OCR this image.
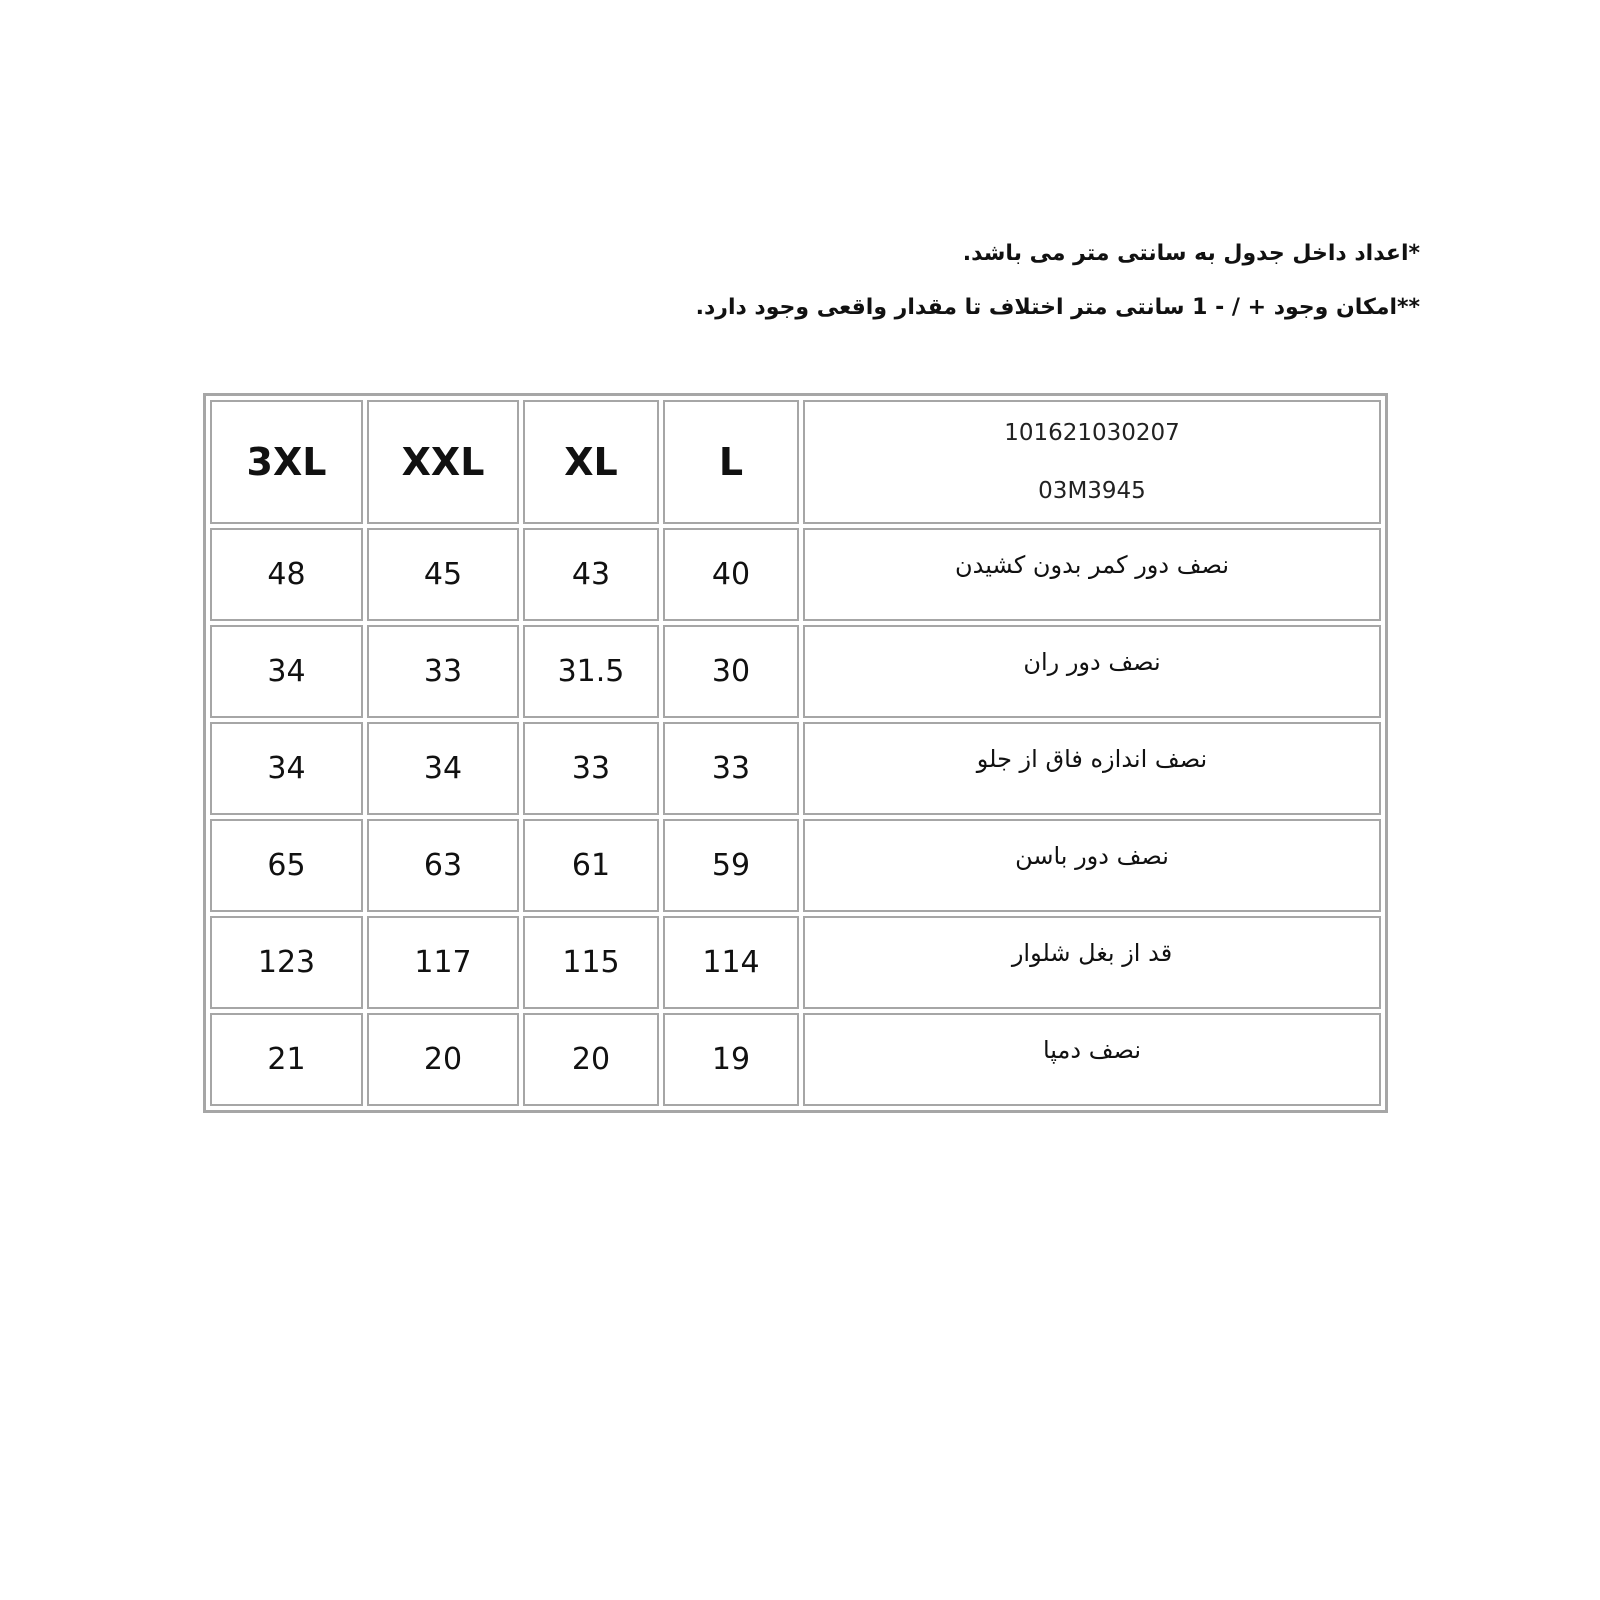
*اعداد داخل جدول به سانتی متر می باشد.

**امکان وجود + / - 1 سانتی متر اختلاف تا مقدار واقعی وجود دارد.

3XL	XXL	XL	L	101621030207
03M3945

48	45	43	40	نصف دور کمر بدون کشیدن

34	33	31.5	30	نصف دور ران

34	34	33	33	نصف اندازه فاق از جلو

65	63	61	59	نصف دور باسن

123	117	115	114	قد از بغل شلوار

21	20	20	19	نصف دمپا
